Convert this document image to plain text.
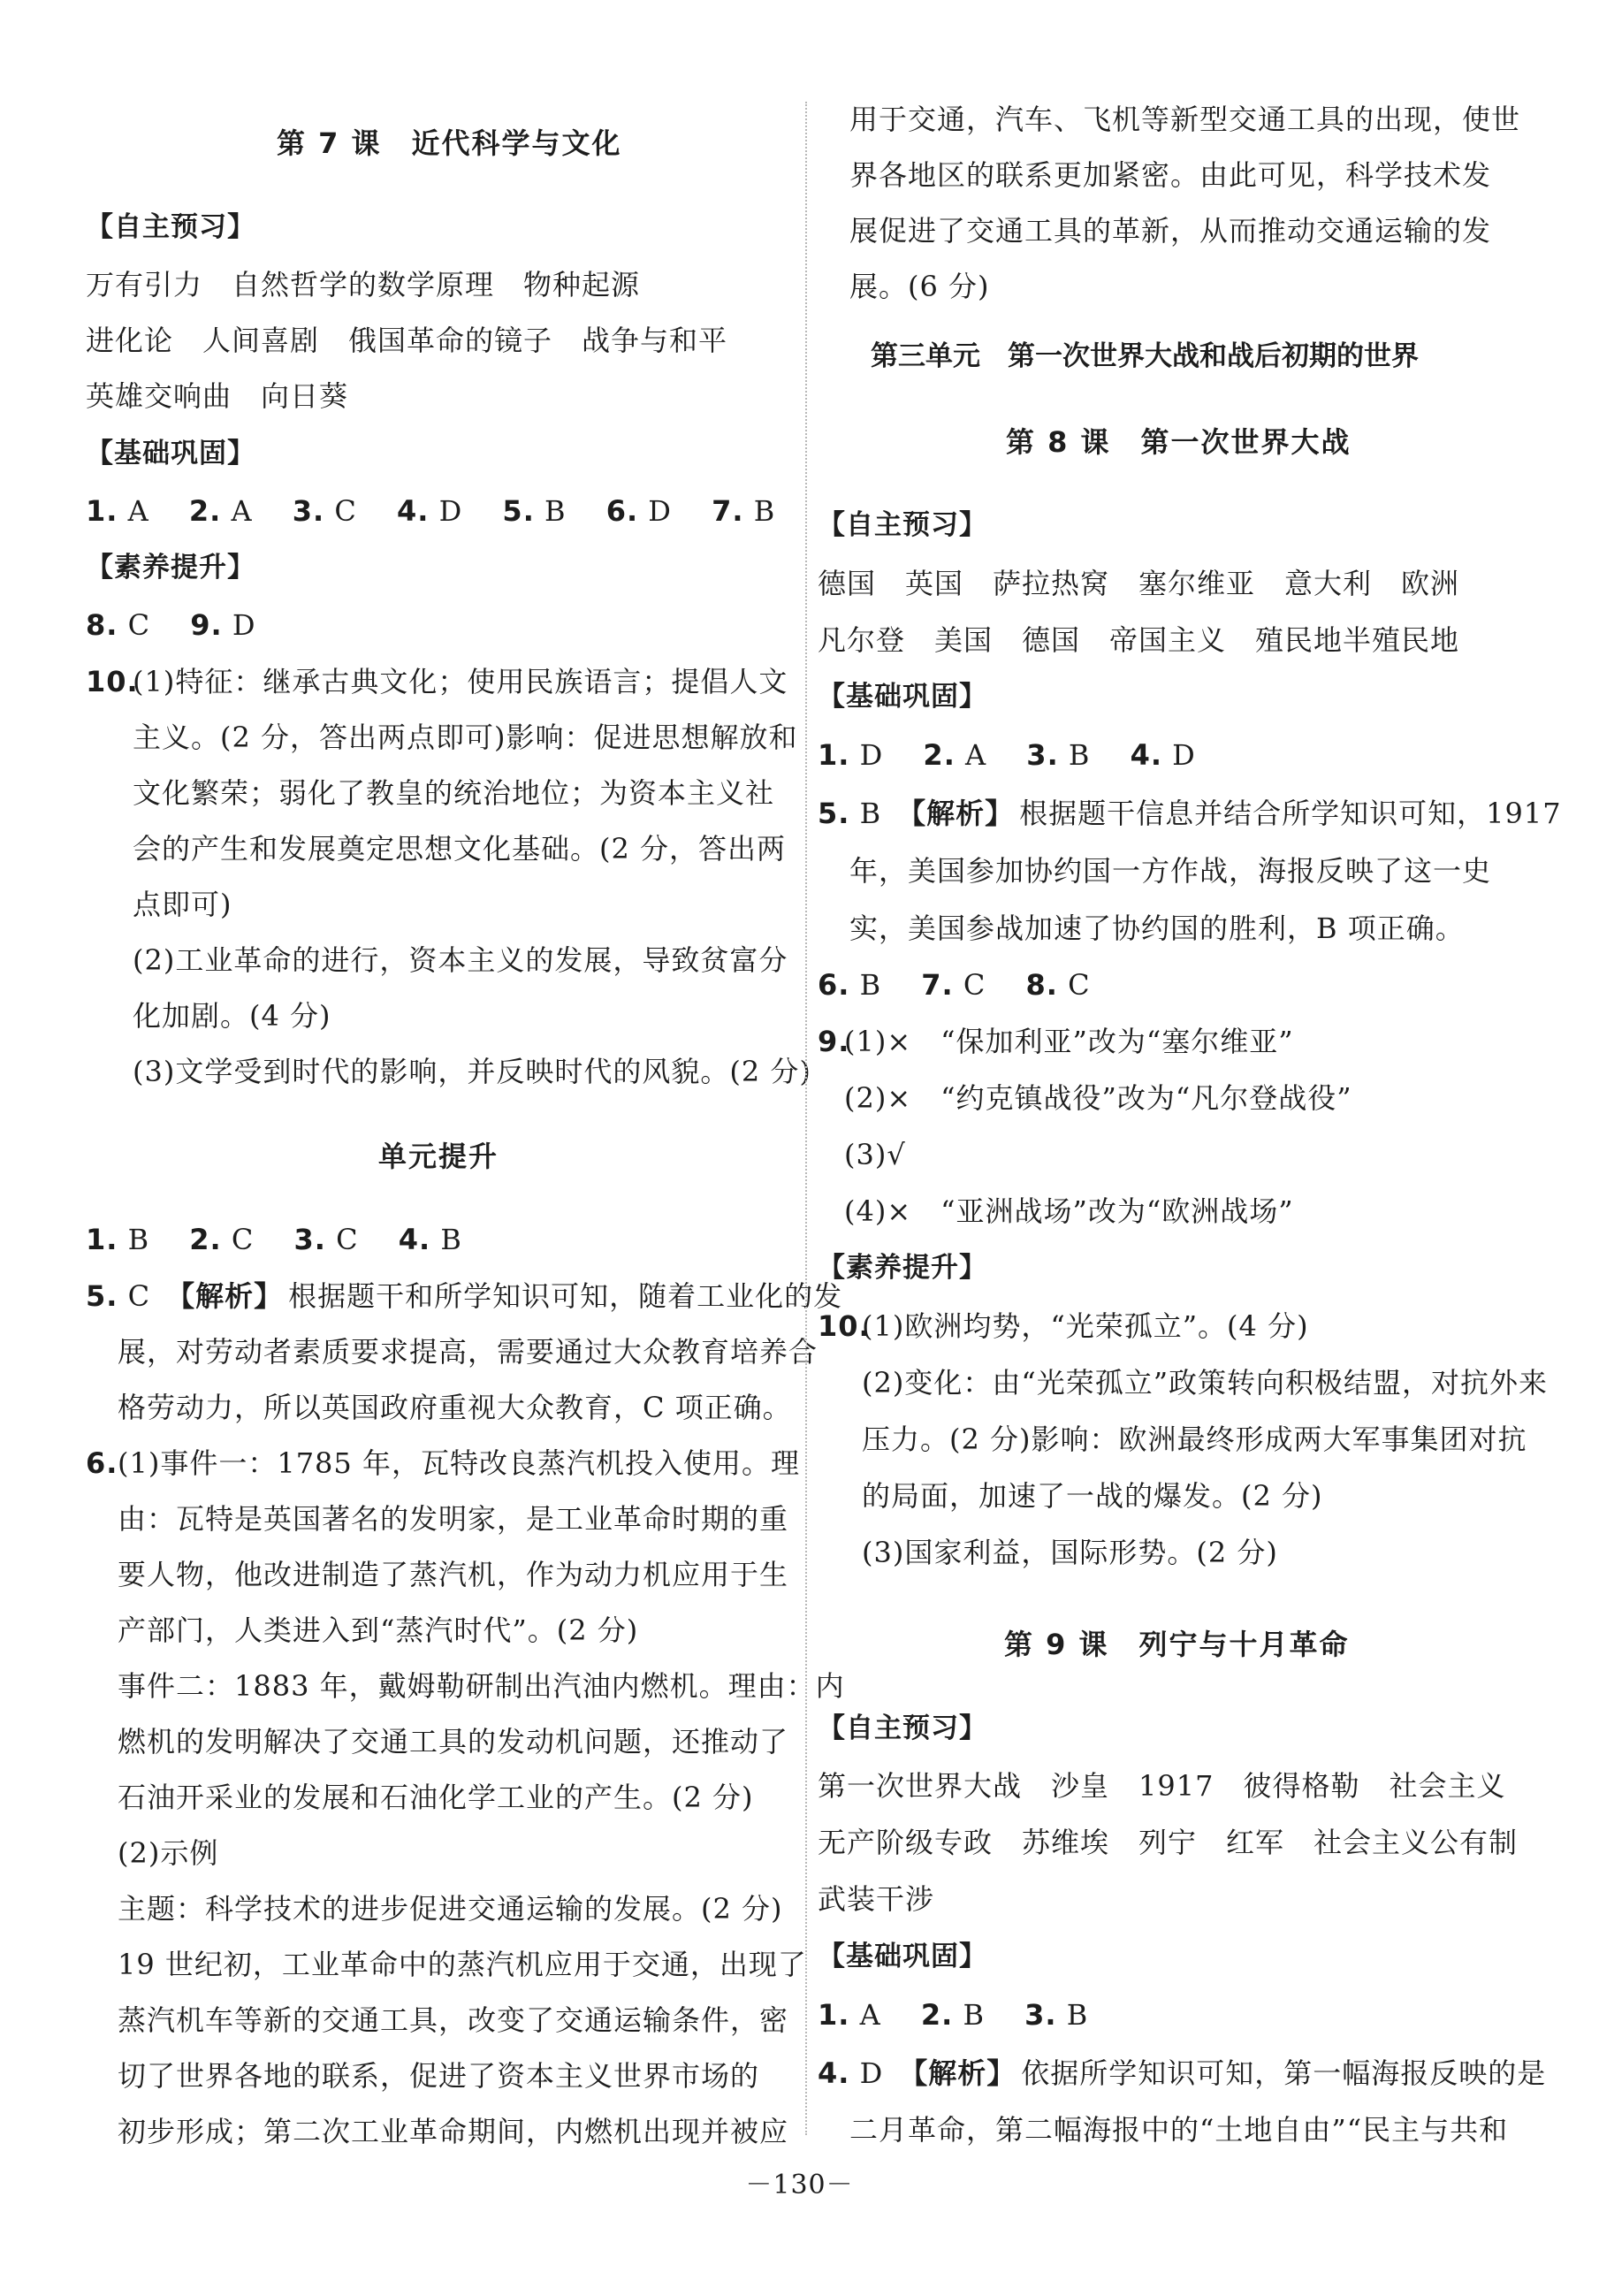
第 7 课　近代科学与文化
【自主预习】
万有引力　自然哲学的数学原理　物种起源
进化论　人间喜剧　俄国革命的镜子　战争与和平
英雄交响曲　向日葵
【基础巩固】
1. A 2. A 3. C 4. D 5. B 6. D 7. B
【素养提升】
8. C 9. D
10.
(1)特征：继承古典文化；使用民族语言；提倡人文
主义。(2 分，答出两点即可)影响：促进思想解放和
文化繁荣；弱化了教皇的统治地位；为资本主义社
会的产生和发展奠定思想文化基础。(2 分，答出两
点即可)
(2)工业革命的进行，资本主义的发展，导致贫富分
化加剧。(4 分)
(3)文学受到时代的影响，并反映时代的风貌。(2 分)
单元提升
1. B 2. C 3. C 4. B
5. C 【解析】 根据题干和所学知识可知，随着工业化的发
展，对劳动者素质要求提高，需要通过大众教育培养合
格劳动力，所以英国政府重视大众教育，C 项正确。
6. (1)事件一：1785 年，瓦特改良蒸汽机投入使用。理
由：瓦特是英国著名的发明家，是工业革命时期的重
要人物，他改进制造了蒸汽机，作为动力机应用于生
产部门，人类进入到“蒸汽时代”。(2 分)
事件二：1883 年，戴姆勒研制出汽油内燃机。理由：内
燃机的发明解决了交通工具的发动机问题，还推动了
石油开采业的发展和石油化学工业的产生。(2 分)
(2)示例
主题：科学技术的进步促进交通运输的发展。(2 分)
19 世纪初，工业革命中的蒸汽机应用于交通，出现了
蒸汽机车等新的交通工具，改变了交通运输条件，密
切了世界各地的联系，促进了资本主义世界市场的
初步形成；第二次工业革命期间，内燃机出现并被应
用于交通，汽车、飞机等新型交通工具的出现，使世
界各地区的联系更加紧密。由此可见，科学技术发
展促进了交通工具的革新，从而推动交通运输的发
展。(6 分)
第三单元　第一次世界大战和战后初期的世界
第 8 课　第一次世界大战
【自主预习】
德国　英国　萨拉热窝　塞尔维亚　意大利　欧洲
凡尔登　美国　德国　帝国主义　殖民地半殖民地
【基础巩固】
1. D 2. A 3. B 4. D
5. B 【解析】 根据题干信息并结合所学知识可知，1917
年，美国参加协约国一方作战，海报反映了这一史
实，美国参战加速了协约国的胜利，B 项正确。
6. B 7. C 8. C
9.
(1)×　“保加利亚”改为“塞尔维亚”
(2)×　“约克镇战役”改为“凡尔登战役”
(3)√
(4)×　“亚洲战场”改为“欧洲战场”
【素养提升】
10.
(1)欧洲均势，“光荣孤立”。(4 分)
(2)变化：由“光荣孤立”政策转向积极结盟，对抗外来
压力。(2 分)影响：欧洲最终形成两大军事集团对抗
的局面，加速了一战的爆发。(2 分)
(3)国家利益，国际形势。(2 分)
第 9 课　列宁与十月革命
【自主预习】
第一次世界大战　沙皇　1917　彼得格勒　社会主义
无产阶级专政　苏维埃　列宁　红军　社会主义公有制
武装干涉
【基础巩固】
1. A 2. B 3. B
4. D 【解析】 依据所学知识可知，第一幅海报反映的是
二月革命，第二幅海报中的“土地自由”“民主与共和
－130－
